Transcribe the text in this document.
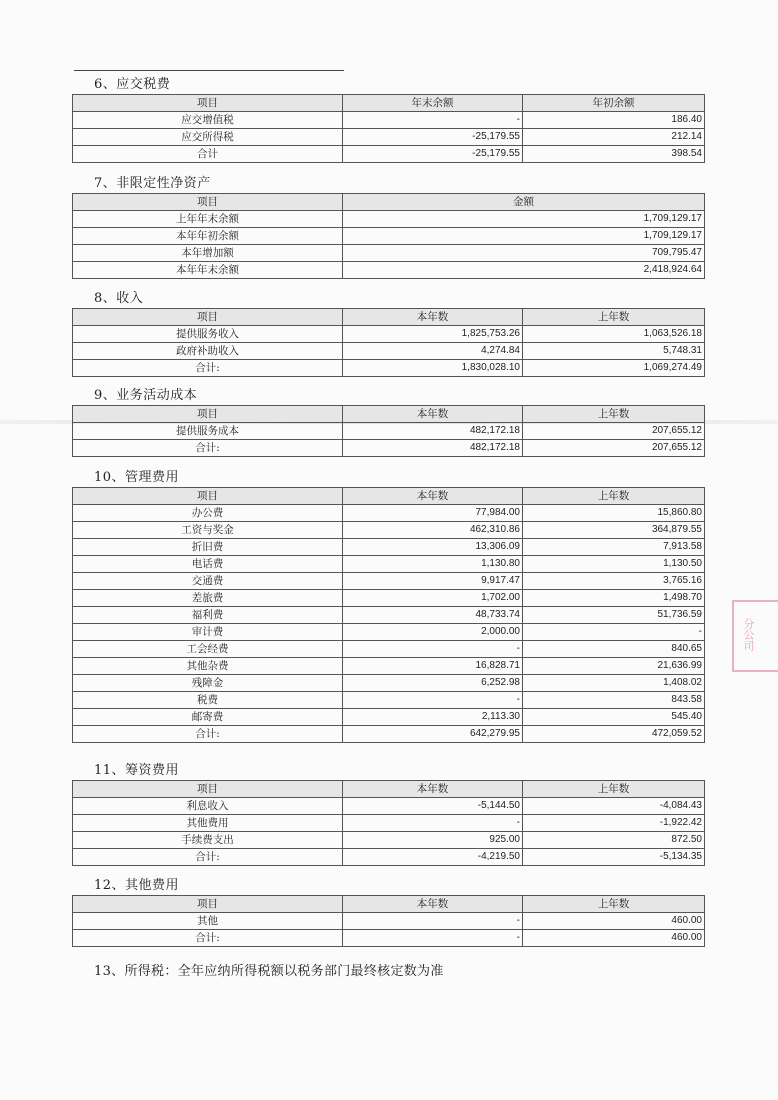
6、应交税费
项目	年末余额	年初余额
应交增值税	-	186.40
应交所得税	-25,179.55	212.14
合计	-25,179.55	398.54
7、非限定性净资产
项目	金额
上年年末余额	1,709,129.17
本年年初余额	1,709,129.17
本年增加额	709,795.47
本年年末余额	2,418,924.64
8、收入
项目	本年数	上年数
提供服务收入	1,825,753.26	1,063,526.18
政府补助收入	4,274.84	5,748.31
合计:	1,830,028.10	1,069,274.49
9、业务活动成本
项目	本年数	上年数
提供服务成本	482,172.18	207,655.12
合计:	482,172.18	207,655.12
10、管理费用
项目	本年数	上年数
办公费	77,984.00	15,860.80
工资与奖金	462,310.86	364,879.55
折旧费	13,306.09	7,913.58
电话费	1,130.80	1,130.50
交通费	9,917.47	3,765.16
差旅费	1,702.00	1,498.70
福利费	48,733.74	51,736.59
审计费	2,000.00	-
工会经费	-	840.65
其他杂费	16,828.71	21,636.99
残障金	6,252.98	1,408.02
税费	-	843.58
邮寄费	2,113.30	545.40
合计:	642,279.95	472,059.52
11、筹资费用
项目	本年数	上年数
利息收入	-5,144.50	-4,084.43
其他费用	-	-1,922.42
手续费支出	925.00	872.50
合计:	-4,219.50	-5,134.35
12、其他费用
项目	本年数	上年数
其他	-	460.00
合计:	-	460.00
13、所得税：全年应纳所得税额以税务部门最终核定数为准
分公司
